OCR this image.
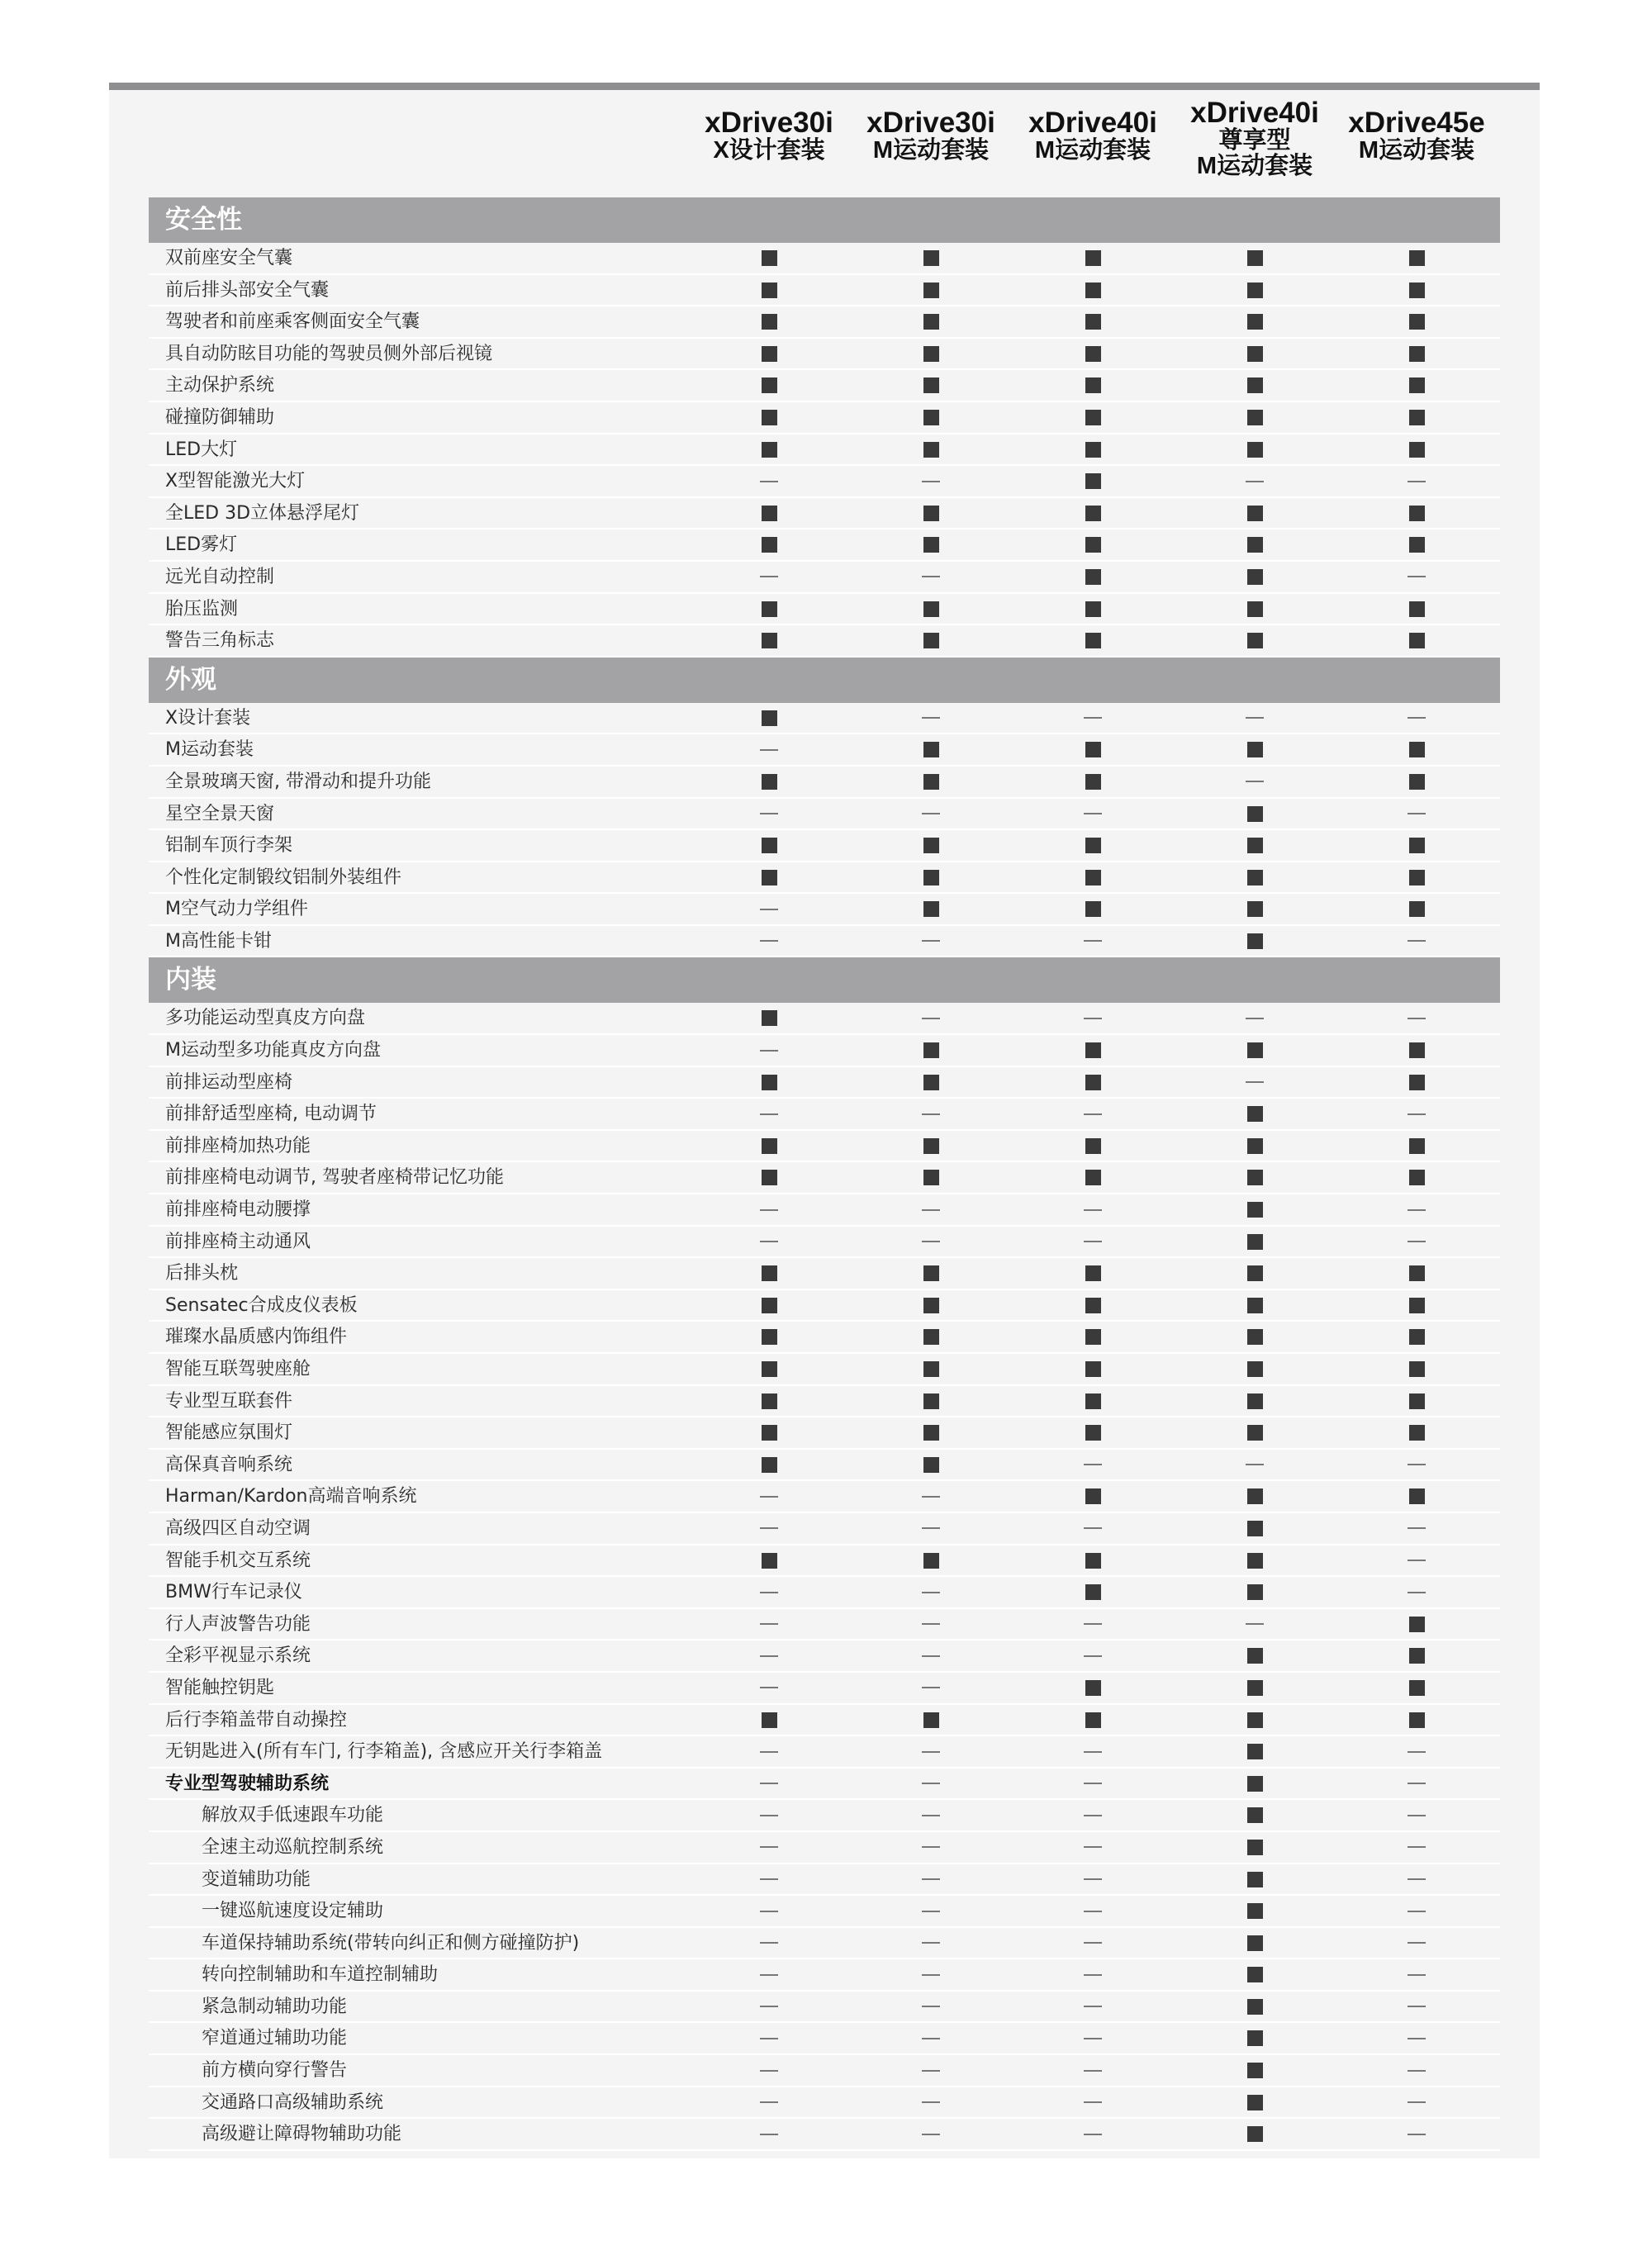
xDrive30i
X设计套装
xDrive30i
M运动套装
xDrive40i
M运动套装
xDrive40i
尊享型
M运动套装
xDrive45e
M运动套装
安全性
双前座安全气囊
前后排头部安全气囊
驾驶者和前座乘客侧面安全气囊
具自动防眩目功能的驾驶员侧外部后视镜
主动保护系统
碰撞防御辅助
LED大灯
X型智能激光大灯
全LED 3D立体悬浮尾灯
LED雾灯
远光自动控制
胎压监测
警告三角标志
外观
X设计套装
M运动套装
全景玻璃天窗, 带滑动和提升功能
星空全景天窗
铝制车顶行李架
个性化定制锻纹铝制外装组件
M空气动力学组件
M高性能卡钳
内装
多功能运动型真皮方向盘
M运动型多功能真皮方向盘
前排运动型座椅
前排舒适型座椅, 电动调节
前排座椅加热功能
前排座椅电动调节, 驾驶者座椅带记忆功能
前排座椅电动腰撑
前排座椅主动通风
后排头枕
Sensatec合成皮仪表板
璀璨水晶质感内饰组件
智能互联驾驶座舱
专业型互联套件
智能感应氛围灯
高保真音响系统
Harman/Kardon高端音响系统
高级四区自动空调
智能手机交互系统
BMW行车记录仪
行人声波警告功能
全彩平视显示系统
智能触控钥匙
后行李箱盖带自动操控
无钥匙进入(所有车门, 行李箱盖), 含感应开关行李箱盖
专业型驾驶辅助系统
解放双手低速跟车功能
全速主动巡航控制系统
变道辅助功能
一键巡航速度设定辅助
车道保持辅助系统(带转向纠正和侧方碰撞防护)
转向控制辅助和车道控制辅助
紧急制动辅助功能
窄道通过辅助功能
前方横向穿行警告
交通路口高级辅助系统
高级避让障碍物辅助功能
